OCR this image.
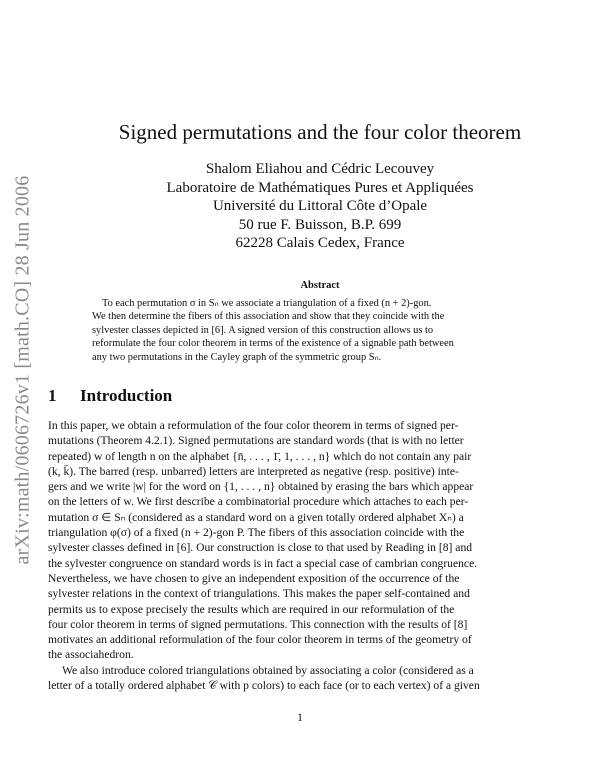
arXiv:math/0606726v1 [math.CO] 28 Jun 2006
Signed permutations and the four color theorem
Shalom Eliahou and Cédric Lecouvey
Laboratoire de Mathématiques Pures et Appliquées
Université du Littoral Côte d’Opale
50 rue F. Buisson, B.P. 699
62228 Calais Cedex, France
Abstract
To each permutation σ in Sₙ we associate a triangulation of a fixed (n + 2)-gon.
We then determine the fibers of this association and show that they coincide with the
sylvester classes depicted in [6]. A signed version of this construction allows us to
reformulate the four color theorem in terms of the existence of a signable path between
any two permutations in the Cayley graph of the symmetric group Sₙ.
1 Introduction
In this paper, we obtain a reformulation of the four color theorem in terms of signed per-
mutations (Theorem 4.2.1). Signed permutations are standard words (that is with no letter
repeated) w of length n on the alphabet {n̄, . . . , 1̄, 1, . . . , n} which do not contain any pair
(k, k̄). The barred (resp. unbarred) letters are interpreted as negative (resp. positive) inte-
gers and we write |w| for the word on {1, . . . , n} obtained by erasing the bars which appear
on the letters of w. We first describe a combinatorial procedure which attaches to each per-
mutation σ ∈ Sₙ (considered as a standard word on a given totally ordered alphabet Xₙ) a
triangulation φ(σ) of a fixed (n + 2)-gon P. The fibers of this association coincide with the
sylvester classes defined in [6]. Our construction is close to that used by Reading in [8] and
the sylvester congruence on standard words is in fact a special case of cambrian congruence.
Nevertheless, we have chosen to give an independent exposition of the occurrence of the
sylvester relations in the context of triangulations. This makes the paper self-contained and
permits us to expose precisely the results which are required in our reformulation of the
four color theorem in terms of signed permutations. This connection with the results of [8]
motivates an additional reformulation of the four color theorem in terms of the geometry of
the associahedron.
We also introduce colored triangulations obtained by associating a color (considered as a
letter of a totally ordered alphabet 𝒞 with p colors) to each face (or to each vertex) of a given
1
